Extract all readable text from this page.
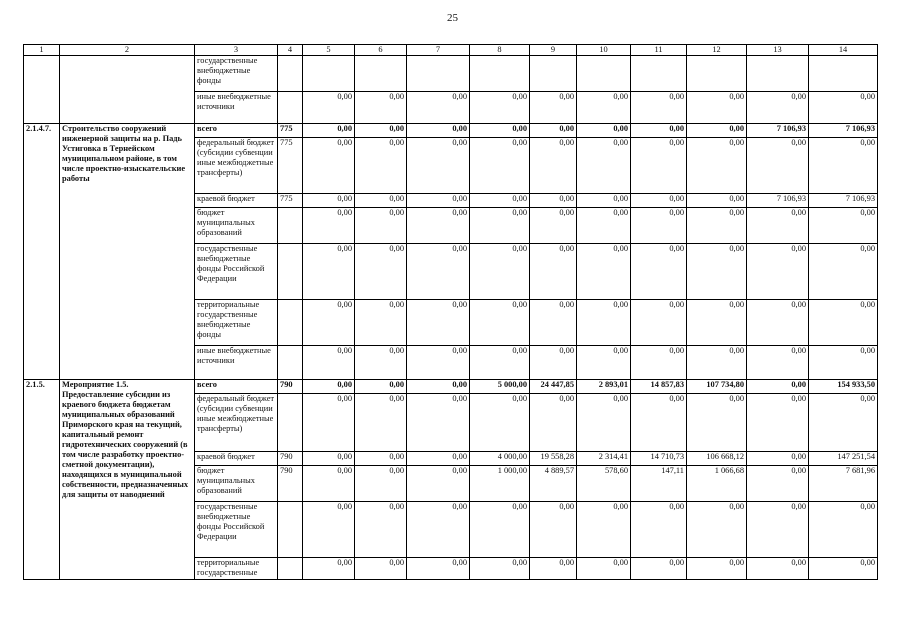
25
1	2	3	4	5	6	7	8	9	10	11	12	13	14
		государственные внебюджетные фонды											
		иные внебюджетные источники		0,00	0,00	0,00	0,00	0,00	0,00	0,00	0,00	0,00	0,00
2.1.4.7.	Строительство сооружений инженерной защиты на р. Падь Устиговка в Тернейском муниципальном районе, в том числе проектно-изыскательские работы	всего	775	0,00	0,00	0,00	0,00	0,00	0,00	0,00	0,00	7 106,93	7 106,93
		федеральный бюджет (субсидии субвенции иные межбюджетные трансферты)	775	0,00	0,00	0,00	0,00	0,00	0,00	0,00	0,00	0,00	0,00
		краевой бюджет	775	0,00	0,00	0,00	0,00	0,00	0,00	0,00	0,00	7 106,93	7 106,93
		бюджет муниципальных образований		0,00	0,00	0,00	0,00	0,00	0,00	0,00	0,00	0,00	0,00
		государственные внебюджетные фонды Российской Федерации		0,00	0,00	0,00	0,00	0,00	0,00	0,00	0,00	0,00	0,00
		территориальные государственные внебюджетные фонды		0,00	0,00	0,00	0,00	0,00	0,00	0,00	0,00	0,00	0,00
		иные внебюджетные источники		0,00	0,00	0,00	0,00	0,00	0,00	0,00	0,00	0,00	0,00
2.1.5.	Мероприятие 1.5. Предоставление субсидии из краевого бюджета бюджетам муниципальных образований Приморского края на текущий, капитальный ремонт гидротехнических сооружений (в том числе разработку проектно- сметной документации), находящихся в муниципальной собственности, предназначенных для защиты от наводнений	всего	790	0,00	0,00	0,00	5 000,00	24 447,85	2 893,01	14 857,83	107 734,80	0,00	154 933,50
		федеральный бюджет (субсидии субвенции иные межбюджетные трансферты)		0,00	0,00	0,00	0,00	0,00	0,00	0,00	0,00	0,00	0,00
		краевой бюджет	790	0,00	0,00	0,00	4 000,00	19 558,28	2 314,41	14 710,73	106 668,12	0,00	147 251,54
		бюджет муниципальных образований	790	0,00	0,00	0,00	1 000,00	4 889,57	578,60	147,11	1 066,68	0,00	7 681,96
		государственные внебюджетные фонды Российской Федерации		0,00	0,00	0,00	0,00	0,00	0,00	0,00	0,00	0,00	0,00
		территориальные государственные		0,00	0,00	0,00	0,00	0,00	0,00	0,00	0,00	0,00	0,00
